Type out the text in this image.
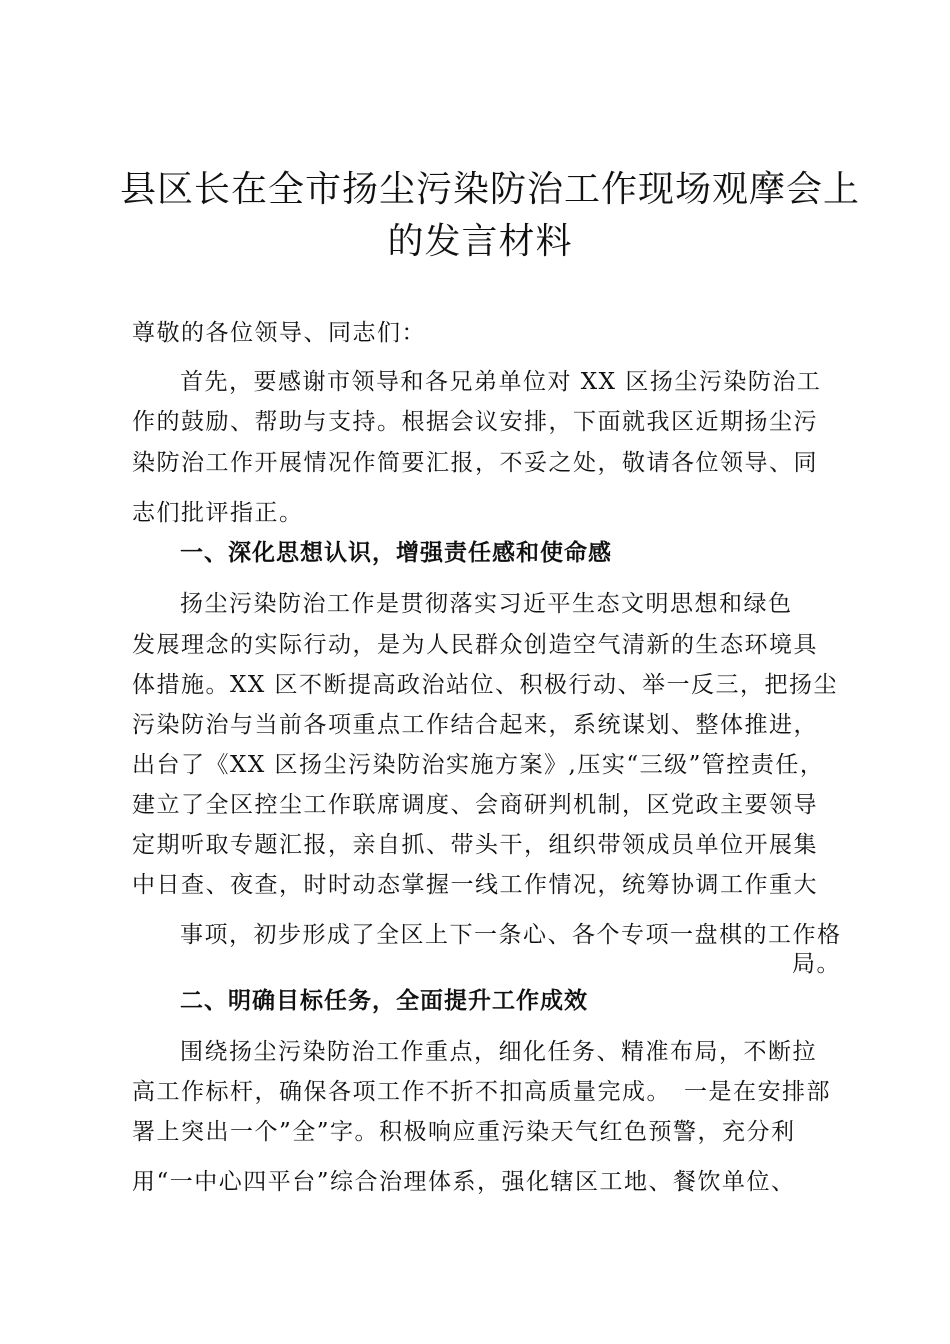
县区长在全市扬尘污染防治工作现场观摩会上
的发言材料
尊敬的各位领导、同志们：
首先，要感谢市领导和各兄弟单位对 XX 区扬尘污染防治工
作的鼓励、帮助与支持。根据会议安排，下面就我区近期扬尘污
染防治工作开展情况作简要汇报，不妥之处，敬请各位领导、同
志们批评指正。
一、深化思想认识，增强责任感和使命感
扬尘污染防治工作是贯彻落实习近平生态文明思想和绿色
发展理念的实际行动，是为人民群众创造空气清新的生态环境具
体措施。XX 区不断提高政治站位、积极行动、举一反三，把扬尘
污染防治与当前各项重点工作结合起来，系统谋划、整体推进，
出台了《XX 区扬尘污染防治实施方案》,压实“三级”管控责任，
建立了全区控尘工作联席调度、会商研判机制，区党政主要领导
定期听取专题汇报，亲自抓、带头干，组织带领成员单位开展集
中日查、夜查，时时动态掌握一线工作情况，统筹协调工作重大
事项，初步形成了全区上下一条心、各个专项一盘棋的工作格
局。
二、明确目标任务，全面提升工作成效
围绕扬尘污染防治工作重点，细化任务、精准布局，不断拉
高工作标杆，确保各项工作不折不扣高质量完成。　一是在安排部
署上突出一个”全”字。积极响应重污染天气红色预警，充分利
用“一中心四平台”综合治理体系，强化辖区工地、餐饮单位、
